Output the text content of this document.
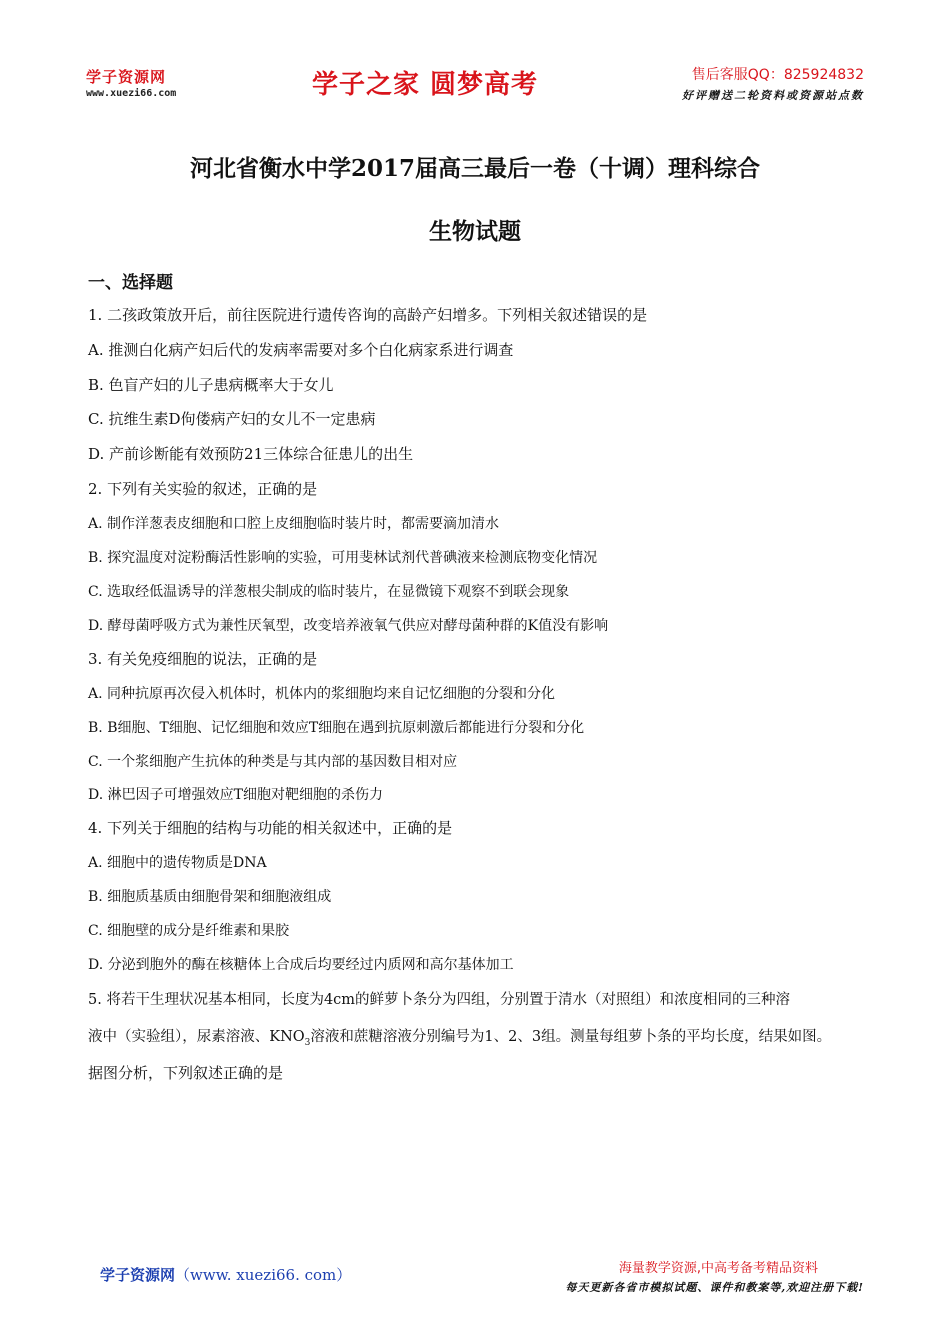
学子资源网
www.xuezi66.com	学子之家 圆梦高考	售后客服QQ：825924832
好评赠送二轮资料或资源站点数
河北省衡水中学2017届高三最后一卷（十调）理科综合
生物试题
一、选择题
1. 二孩政策放开后，前往医院进行遗传咨询的高龄产妇增多。下列相关叙述错误的是
A. 推测白化病产妇后代的发病率需要对多个白化病家系进行调查
B. 色盲产妇的儿子患病概率大于女儿
C. 抗维生素D佝偻病产妇的女儿不一定患病
D. 产前诊断能有效预防21三体综合征患儿的出生
2. 下列有关实验的叙述，正确的是
A. 制作洋葱表皮细胞和口腔上皮细胞临时装片时，都需要滴加清水
B. 探究温度对淀粉酶活性影响的实验，可用斐林试剂代普碘液来检测底物变化情况
C. 选取经低温诱导的洋葱根尖制成的临时装片，在显微镜下观察不到联会现象
D. 酵母菌呼吸方式为兼性厌氧型，改变培养液氧气供应对酵母菌种群的K值没有影响
3. 有关免疫细胞的说法，正确的是
A. 同种抗原再次侵入机体时，机体内的浆细胞均来自记忆细胞的分裂和分化
B. B细胞、T细胞、记忆细胞和效应T细胞在遇到抗原刺激后都能进行分裂和分化
C. 一个浆细胞产生抗体的种类是与其内部的基因数目相对应
D. 淋巴因子可增强效应T细胞对靶细胞的杀伤力
4. 下列关于细胞的结构与功能的相关叙述中，正确的是
A. 细胞中的遗传物质是DNA
B. 细胞质基质由细胞骨架和细胞液组成
C. 细胞壁的成分是纤维素和果胶
D. 分泌到胞外的酶在核糖体上合成后均要经过内质网和高尔基体加工
5. 将若干生理状况基本相同，长度为4cm的鲜萝卜条分为四组，分别置于清水（对照组）和浓度相同的三种溶
液中（实验组），尿素溶液、$KNO_3$溶液和蔗糖溶液分别编号为1、2、3组。测量每组萝卜条的平均长度，结果如图。
据图分析，下列叙述正确的是
学子资源网（www. xuezi66. com）	海量教学资源,中高考备考精品资料
每天更新各省市模拟试题、课件和教案等,欢迎注册下载!
